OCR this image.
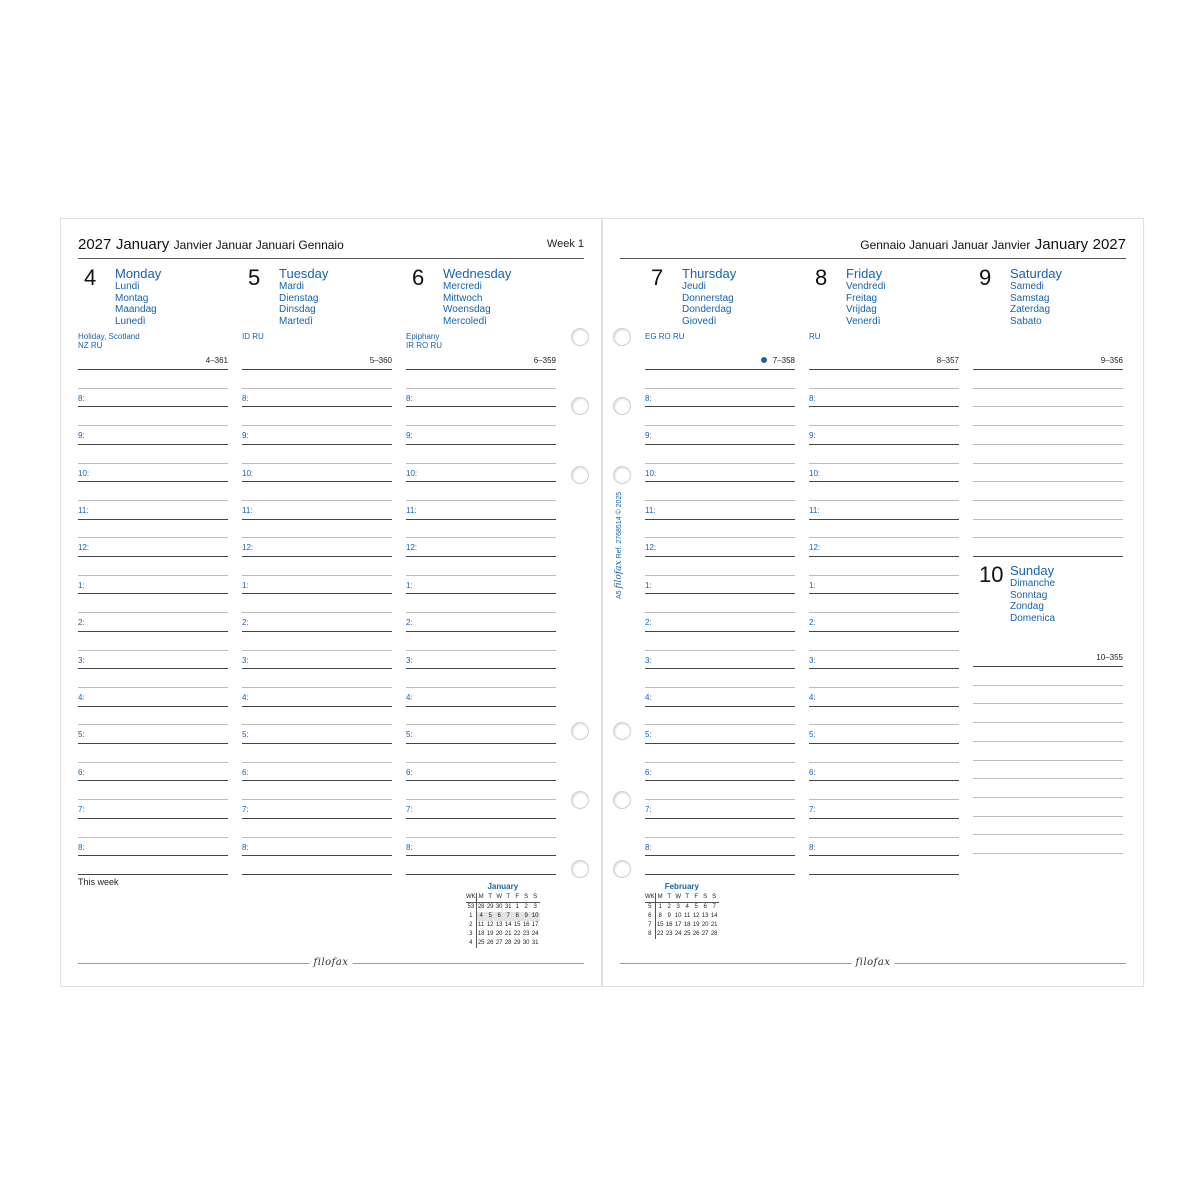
2027 January Janvier Januar Januari Gennaio	Week 1
4 Monday
Lundi
Montag
Maandag
Lunedì
Holiday, Scotland
NZ RU
4–361
8:
9:
10:
11:
12:
1:
2:
3:
4:
5:
6:
7:
8:
5 Tuesday
Mardi
Dienstag
Dinsdag
Martedì
ID RU
5–360
8:
9:
10:
11:
12:
1:
2:
3:
4:
5:
6:
7:
8:
6 Wednesday
Mercredi
Mittwoch
Woensdag
Mercoledì
Epiphany
IR RO RU
6–359
8:
9:
10:
11:
12:
1:
2:
3:
4:
5:
6:
7:
8:
This week	January
WK	M	T	W	T	F	S	S
53	28	29	30	31	1	2	3
1	4	5	6	7	8	9	10
2	11	12	13	14	15	16	17
3	18	19	20	21	22	23	24
4	25	26	27	28	29	30	31
filofax
Gennaio Januari Januar Janvier January 2027
A5 filofax Ref. 2768514 © 2025
7 Thursday
Jeudi
Donnerstag
Donderdag
Giovedì
EG RO RU
7–358
8:
9:
10:
11:
12:
1:
2:
3:
4:
5:
6:
7:
8:
8 Friday
Vendredi
Freitag
Vrijdag
Venerdì
RU
8–357
8:
9:
10:
11:
12:
1:
2:
3:
4:
5:
6:
7:
8:
9 Saturday
Samedi
Samstag
Zaterdag
Sabato
9–356
10 Sunday
Dimanche
Sonntag
Zondag
Domenica
10–355
February
WK	M	T	W	T	F	S	S
5	1	2	3	4	5	6	7
6	8	9	10	11	12	13	14
7	15	16	17	18	19	20	21
8	22	23	24	25	26	27	28
filofax
